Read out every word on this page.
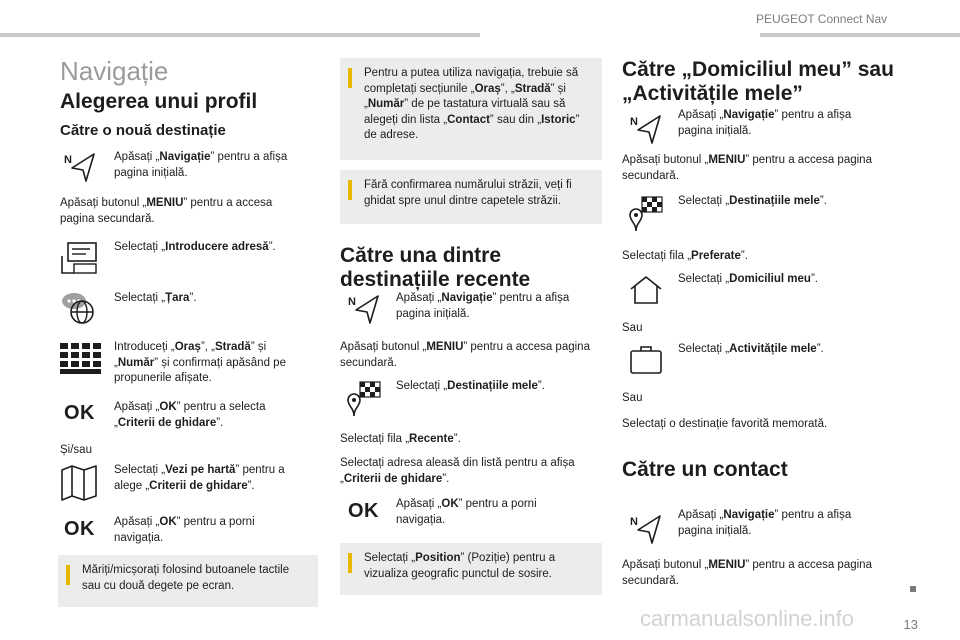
PEUGEOT Connect Nav
Navigație
Alegerea unui profil
Către o nouă destinație
N	Apăsați „Navigație” pentru a afișa pagina inițială.
Apăsați butonul „MENIU” pentru a accesa pagina secundară.
Selectați „Introducere adresă”.
Selectați „Țara”.
Introduceți „Oraș”, „Stradă” și „Număr” și confirmați apăsând pe propunerile afișate.
OK Apăsați „OK” pentru a selecta „Criterii de ghidare”.
Și/sau
Selectați „Vezi pe hartă” pentru a alege „Criterii de ghidare”.
OK Apăsați „OK” pentru a porni navigația.
Măriți/micșorați folosind butoanele tactile sau cu două degete pe ecran.
Pentru a putea utiliza navigația, trebuie să completați secțiunile „Oraș”, „Stradă” și „Număr” de pe tastatura virtuală sau să alegeți din lista „Contact” sau din „Istoric” de adrese.
Fără confirmarea numărului străzii, veți fi ghidat spre unul dintre capetele străzii.
Către una dintre destinațiile recente
N	Apăsați „Navigație” pentru a afișa pagina inițială.
Apăsați butonul „MENIU” pentru a accesa pagina secundară.
Selectați „Destinațiile mele”.
Selectați fila „Recente”.
Selectați adresa aleasă din listă pentru a afișa „Criterii de ghidare”.
OK Apăsați „OK” pentru a porni navigația.
Selectați „Position” (Poziție) pentru a vizualiza geografic punctul de sosire.
Către „Domiciliul meu” sau „Activitățile mele”
N
Apăsați „Navigație” pentru a afișa pagina inițială.
Apăsați butonul „MENIU” pentru a accesa pagina secundară.
Selectați „Destinațiile mele”.
Selectați fila „Preferate”.
Selectați „Domiciliul meu”.
Sau
Selectați „Activitățile mele”.
Sau
Selectați o destinație favorită memorată.
Către un contact
N
Apăsați „Navigație” pentru a afișa pagina inițială.
Apăsați butonul „MENIU” pentru a accesa pagina secundară.
carmanualsonline.info	13
